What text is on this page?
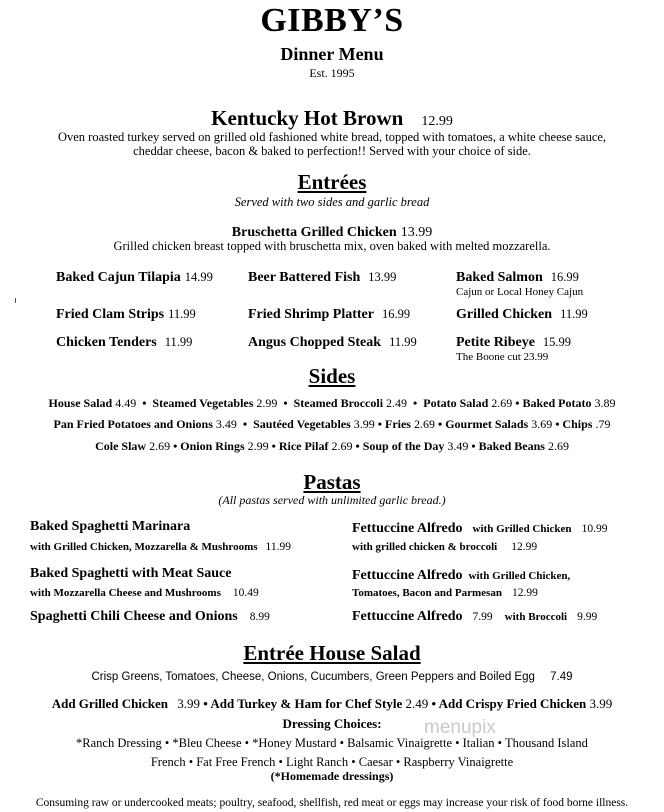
GIBBY’S
Dinner Menu
Est. 1995
Kentucky Hot Brown 12.99
Oven roasted turkey served on grilled old fashioned white bread, topped with tomatoes, a white cheese sauce,
cheddar cheese, bacon & baked to perfection!! Served with your choice of side.
Entrées
Served with two sides and garlic bread
Bruschetta Grilled Chicken 13.99
Grilled chicken breast topped with bruschetta mix, oven baked with melted mozzarella.
Baked Cajun Tilapia 14.99	Beer Battered Fish 13.99	Baked Salmon 16.99
Cajun or Local Honey Cajun
Fried Clam Strips 11.99	Fried Shrimp Platter 16.99	Grilled Chicken 11.99
Chicken Tenders 11.99	Angus Chopped Steak 11.99	Petite Ribeye 15.99
The Boone cut 23.99
Sides
House Salad 4.49  •  Steamed Vegetables 2.99  •  Steamed Broccoli 2.49  •  Potato Salad 2.69 • Baked Potato 3.89
Pan Fried Potatoes and Onions 3.49  •  Sautéed Vegetables 3.99 • Fries 2.69 • Gourmet Salads 3.69 • Chips .79
Cole Slaw 2.69 • Onion Rings 2.99 • Rice Pilaf 2.69 • Soup of the Day 3.49 • Baked Beans 2.69
Pastas
(All pastas served with unlimited garlic bread.)
Baked Spaghetti Marinara
with Grilled Chicken, Mozzarella & Mushrooms 11.99
Fettuccine Alfredo with Grilled Chicken 10.99
with grilled chicken & broccoli 12.99
Baked Spaghetti with Meat Sauce
with Mozzarella Cheese and Mushrooms 10.49
Fettuccine Alfredo with Grilled Chicken,
Tomatoes, Bacon and Parmesan 12.99
Spaghetti Chili Cheese and Onions 8.99	Fettuccine Alfredo 7.99 with Broccoli 9.99
Entrée House Salad
Crisp Greens, Tomatoes, Cheese, Onions, Cucumbers, Green Peppers and Boiled Egg 7.49
Add Grilled Chicken 3.99 • Add Turkey & Ham for Chef Style 2.49 • Add Crispy Fried Chicken 3.99
Dressing Choices:	menupix
*Ranch Dressing • *Bleu Cheese • *Honey Mustard • Balsamic Vinaigrette • Italian • Thousand Island
French • Fat Free French • Light Ranch • Caesar • Raspberry Vinaigrette
(*Homemade dressings)
Consuming raw or undercooked meats; poultry, seafood, shellfish, red meat or eggs may increase your risk of food borne illness.
